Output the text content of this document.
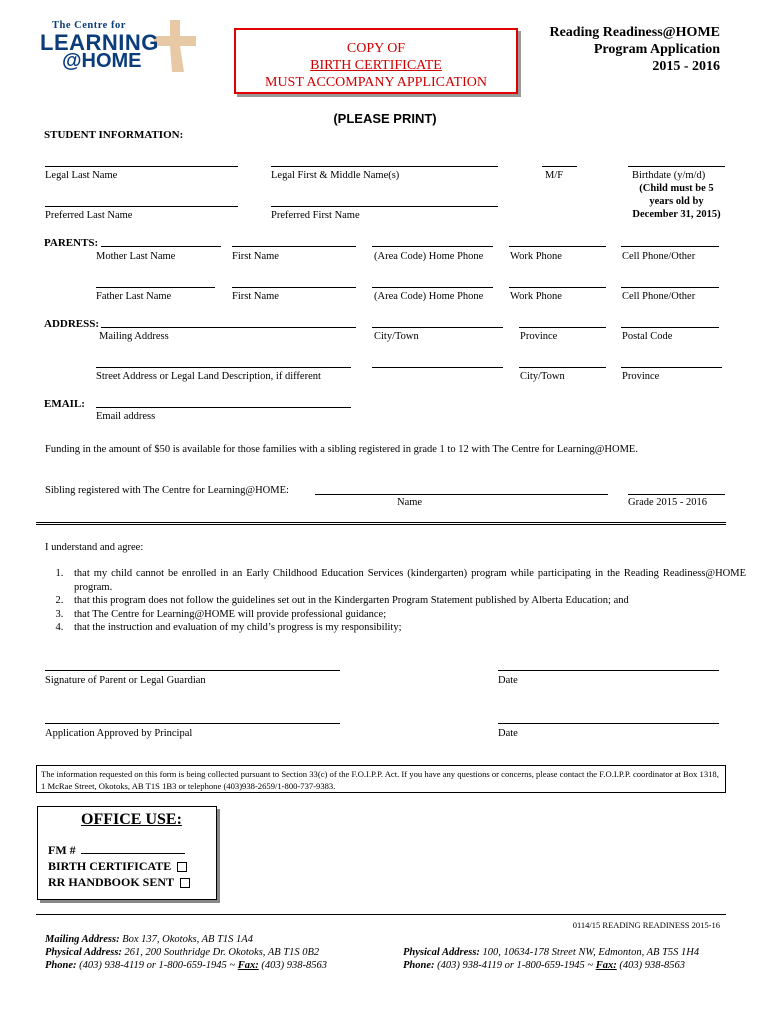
The Centre for
LEARNING
@HOME
COPY OF
BIRTH CERTIFICATE
MUST ACCOMPANY APPLICATION
Reading Readiness@HOME
Program Application
2015 - 2016
(PLEASE PRINT)
STUDENT INFORMATION:
Legal Last Name	Legal First & Middle Name(s)	M/F	Birthdate (y/m/d)
(Child must be 5
years old by
December 31, 2015)
Preferred Last Name	Preferred First Name
PARENTS:
Mother Last Name	First Name	(Area Code) Home Phone	Work Phone	Cell Phone/Other
Father Last Name	First Name	(Area Code) Home Phone	Work Phone	Cell Phone/Other
ADDRESS:
Mailing Address	City/Town	Province	Postal Code
Street Address or Legal Land Description, if different	City/Town	Province
EMAIL:
Email address
Funding in the amount of $50 is available for those families with a sibling registered in grade 1 to 12 with The Centre for Learning@HOME.
Sibling registered with The Centre for Learning@HOME:
Name	Grade 2015 - 2016
I understand and agree:
1. that my child cannot be enrolled in an Early Childhood Education Services (kindergarten) program while participating in the Reading Readiness@HOME program.
2. that this program does not follow the guidelines set out in the Kindergarten Program Statement published by Alberta Education; and
3. that The Centre for Learning@HOME will provide professional guidance;
4. that the instruction and evaluation of my child’s progress is my responsibility;
Signature of Parent or Legal Guardian	Date
Application Approved by Principal	Date
The information requested on this form is being collected pursuant to Section 33(c) of the F.O.I.P.P. Act. If you have any questions or concerns, please contact the F.O.I.P.P. coordinator at Box 1318, 1 McRae Street, Okotoks, AB T1S 1B3 or telephone (403)938-2659/1-800-737-9383.
OFFICE USE:
FM #
BIRTH CERTIFICATE
RR HANDBOOK SENT
0114/15 READING READINESS 2015-16
Mailing Address: Box 137, Okotoks, AB T1S 1A4
Physical Address: 261, 200 Southridge Dr. Okotoks, AB T1S 0B2
Phone: (403) 938-4119 or 1-800-659-1945 ~ Fax: (403) 938-8563
Physical Address: 100, 10634-178 Street NW, Edmonton, AB T5S 1H4
Phone: (403) 938-4119 or 1-800-659-1945 ~ Fax: (403) 938-8563
